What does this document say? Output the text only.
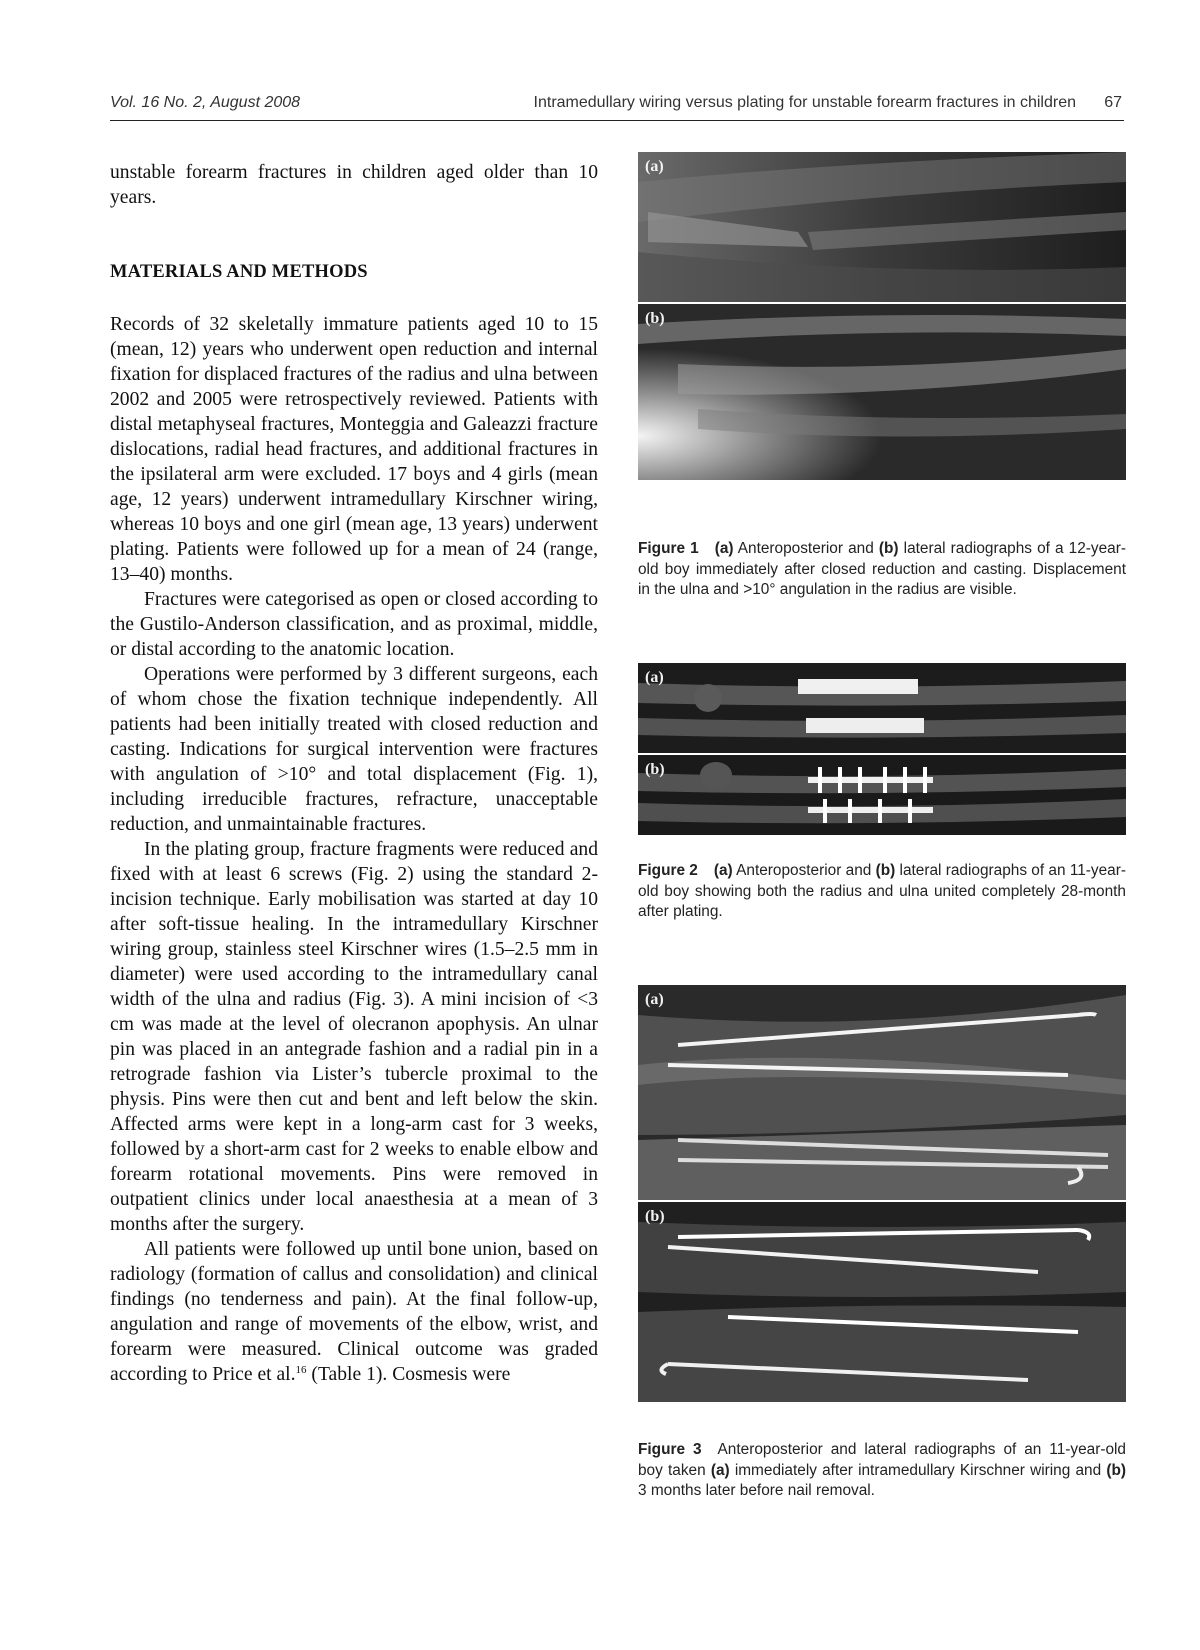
Vol. 16 No. 2, August 2008	Intramedullary wiring versus plating for unstable forearm fractures in children 67

unstable forearm fractures in children aged older than 10 years.

MATERIALS AND METHODS

Records of 32 skeletally immature patients aged 10 to 15 (mean, 12) years who underwent open reduction and internal fixation for displaced fractures of the radius and ulna between 2002 and 2005 were retrospectively reviewed. Patients with distal metaphyseal fractures, Monteggia and Galeazzi fracture dislocations, radial head fractures, and additional fractures in the ipsilateral arm were excluded. 17 boys and 4 girls (mean age, 12 years) underwent intramedullary Kirschner wiring, whereas 10 boys and one girl (mean age, 13 years) underwent plating. Patients were followed up for a mean of 24 (range, 13–40) months.

Fractures were categorised as open or closed according to the Gustilo-Anderson classification, and as proximal, middle, or distal according to the anatomic location.

Operations were performed by 3 different surgeons, each of whom chose the fixation technique independently. All patients had been initially treated with closed reduction and casting. Indications for surgical intervention were fractures with angulation of >10° and total displacement (Fig. 1), including irreducible fractures, refracture, unacceptable reduction, and unmaintainable fractures.

In the plating group, fracture fragments were reduced and fixed with at least 6 screws (Fig. 2) using the standard 2-incision technique. Early mobilisation was started at day 10 after soft-tissue healing. In the intramedullary Kirschner wiring group, stainless steel Kirschner wires (1.5–2.5 mm in diameter) were used according to the intramedullary canal width of the ulna and radius (Fig. 3). A mini incision of <3 cm was made at the level of olecranon apophysis. An ulnar pin was placed in an antegrade fashion and a radial pin in a retrograde fashion via Lister’s tubercle proximal to the physis. Pins were then cut and bent and left below the skin. Affected arms were kept in a long-arm cast for 3 weeks, followed by a short-arm cast for 2 weeks to enable elbow and forearm rotational movements. Pins were removed in outpatient clinics under local anaesthesia at a mean of 3 months after the surgery.

All patients were followed up until bone union, based on radiology (formation of callus and consolidation) and clinical findings (no tenderness and pain). At the final follow-up, angulation and range of movements of the elbow, wrist, and forearm were measured. Clinical outcome was graded according to Price et al.$^{16}$ (Table 1). Cosmesis were

(a)
(b)
Figure 1 (a) Anteroposterior and (b) lateral radiographs of a 12-year-old boy immediately after closed reduction and casting. Displacement in the ulna and >10° angulation in the radius are visible.
(a)
(b)
Figure 2 (a) Anteroposterior and (b) lateral radiographs of an 11-year-old boy showing both the radius and ulna united completely 28-month after plating.
(a)
(b)
Figure 3 Anteroposterior and lateral radiographs of an 11-year-old boy taken (a) immediately after intramedullary Kirschner wiring and (b) 3 months later before nail removal.
